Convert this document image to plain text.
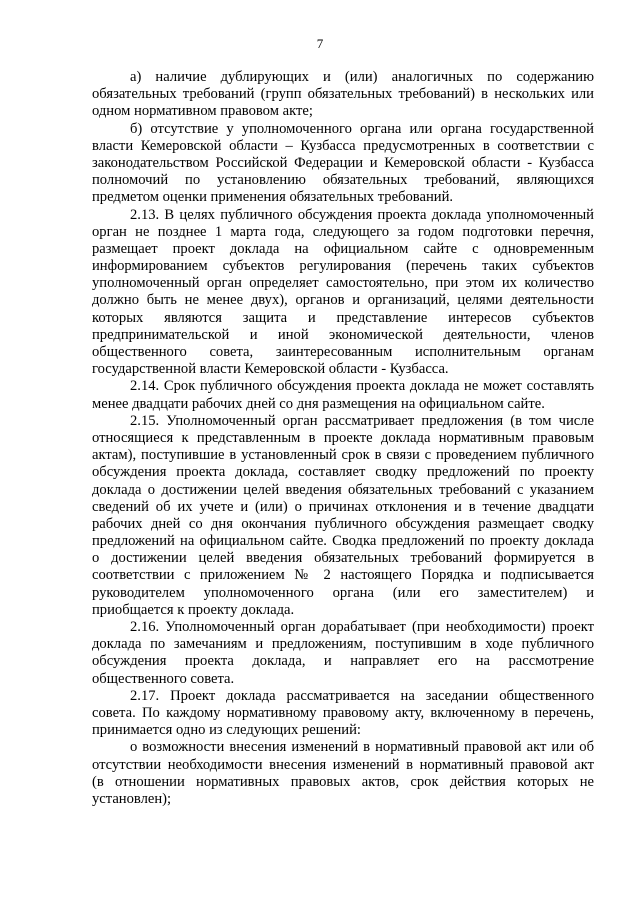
7
а) наличие дублирующих и (или) аналогичных по содержанию
обязательных требований (групп обязательных требований) в нескольких или
одном нормативном правовом акте;
б) отсутствие у уполномоченного органа или органа государственной
власти Кемеровской области – Кузбасса предусмотренных в соответствии с
законодательством Российской Федерации и Кемеровской области - Кузбасса
полномочий по установлению обязательных требований, являющихся
предметом оценки применения обязательных требований.
2.13. В целях публичного обсуждения проекта доклада уполномоченный
орган не позднее 1 марта года, следующего за годом подготовки перечня,
размещает проект доклада на официальном сайте с одновременным
информированием субъектов регулирования (перечень таких субъектов
уполномоченный орган определяет самостоятельно, при этом их количество
должно быть не менее двух), органов и организаций, целями деятельности
которых являются защита и представление интересов субъектов
предпринимательской и иной экономической деятельности, членов
общественного совета, заинтересованным исполнительным органам
государственной власти Кемеровской области - Кузбасса.
2.14. Срок публичного обсуждения проекта доклада не может составлять
менее двадцати рабочих дней со дня размещения на официальном сайте.
2.15. Уполномоченный орган рассматривает предложения (в том числе
относящиеся к представленным в проекте доклада нормативным правовым
актам), поступившие в установленный срок в связи с проведением публичного
обсуждения проекта доклада, составляет сводку предложений по проекту
доклада о достижении целей введения обязательных требований с указанием
сведений об их учете и (или) о причинах отклонения и в течение двадцати
рабочих дней со дня окончания публичного обсуждения размещает сводку
предложений на официальном сайте. Сводка предложений по проекту доклада
о достижении целей введения обязательных требований формируется в
соответствии с приложением № 2 настоящего Порядка и подписывается
руководителем уполномоченного органа (или его заместителем) и
приобщается к проекту доклада.
2.16. Уполномоченный орган дорабатывает (при необходимости) проект
доклада по замечаниям и предложениям, поступившим в ходе публичного
обсуждения проекта доклада, и направляет его на рассмотрение
общественного совета.
2.17. Проект доклада рассматривается на заседании общественного
совета. По каждому нормативному правовому акту, включенному в перечень,
принимается одно из следующих решений:
о возможности внесения изменений в нормативный правовой акт или об
отсутствии необходимости внесения изменений в нормативный правовой акт
(в отношении нормативных правовых актов, срок действия которых не
установлен);
